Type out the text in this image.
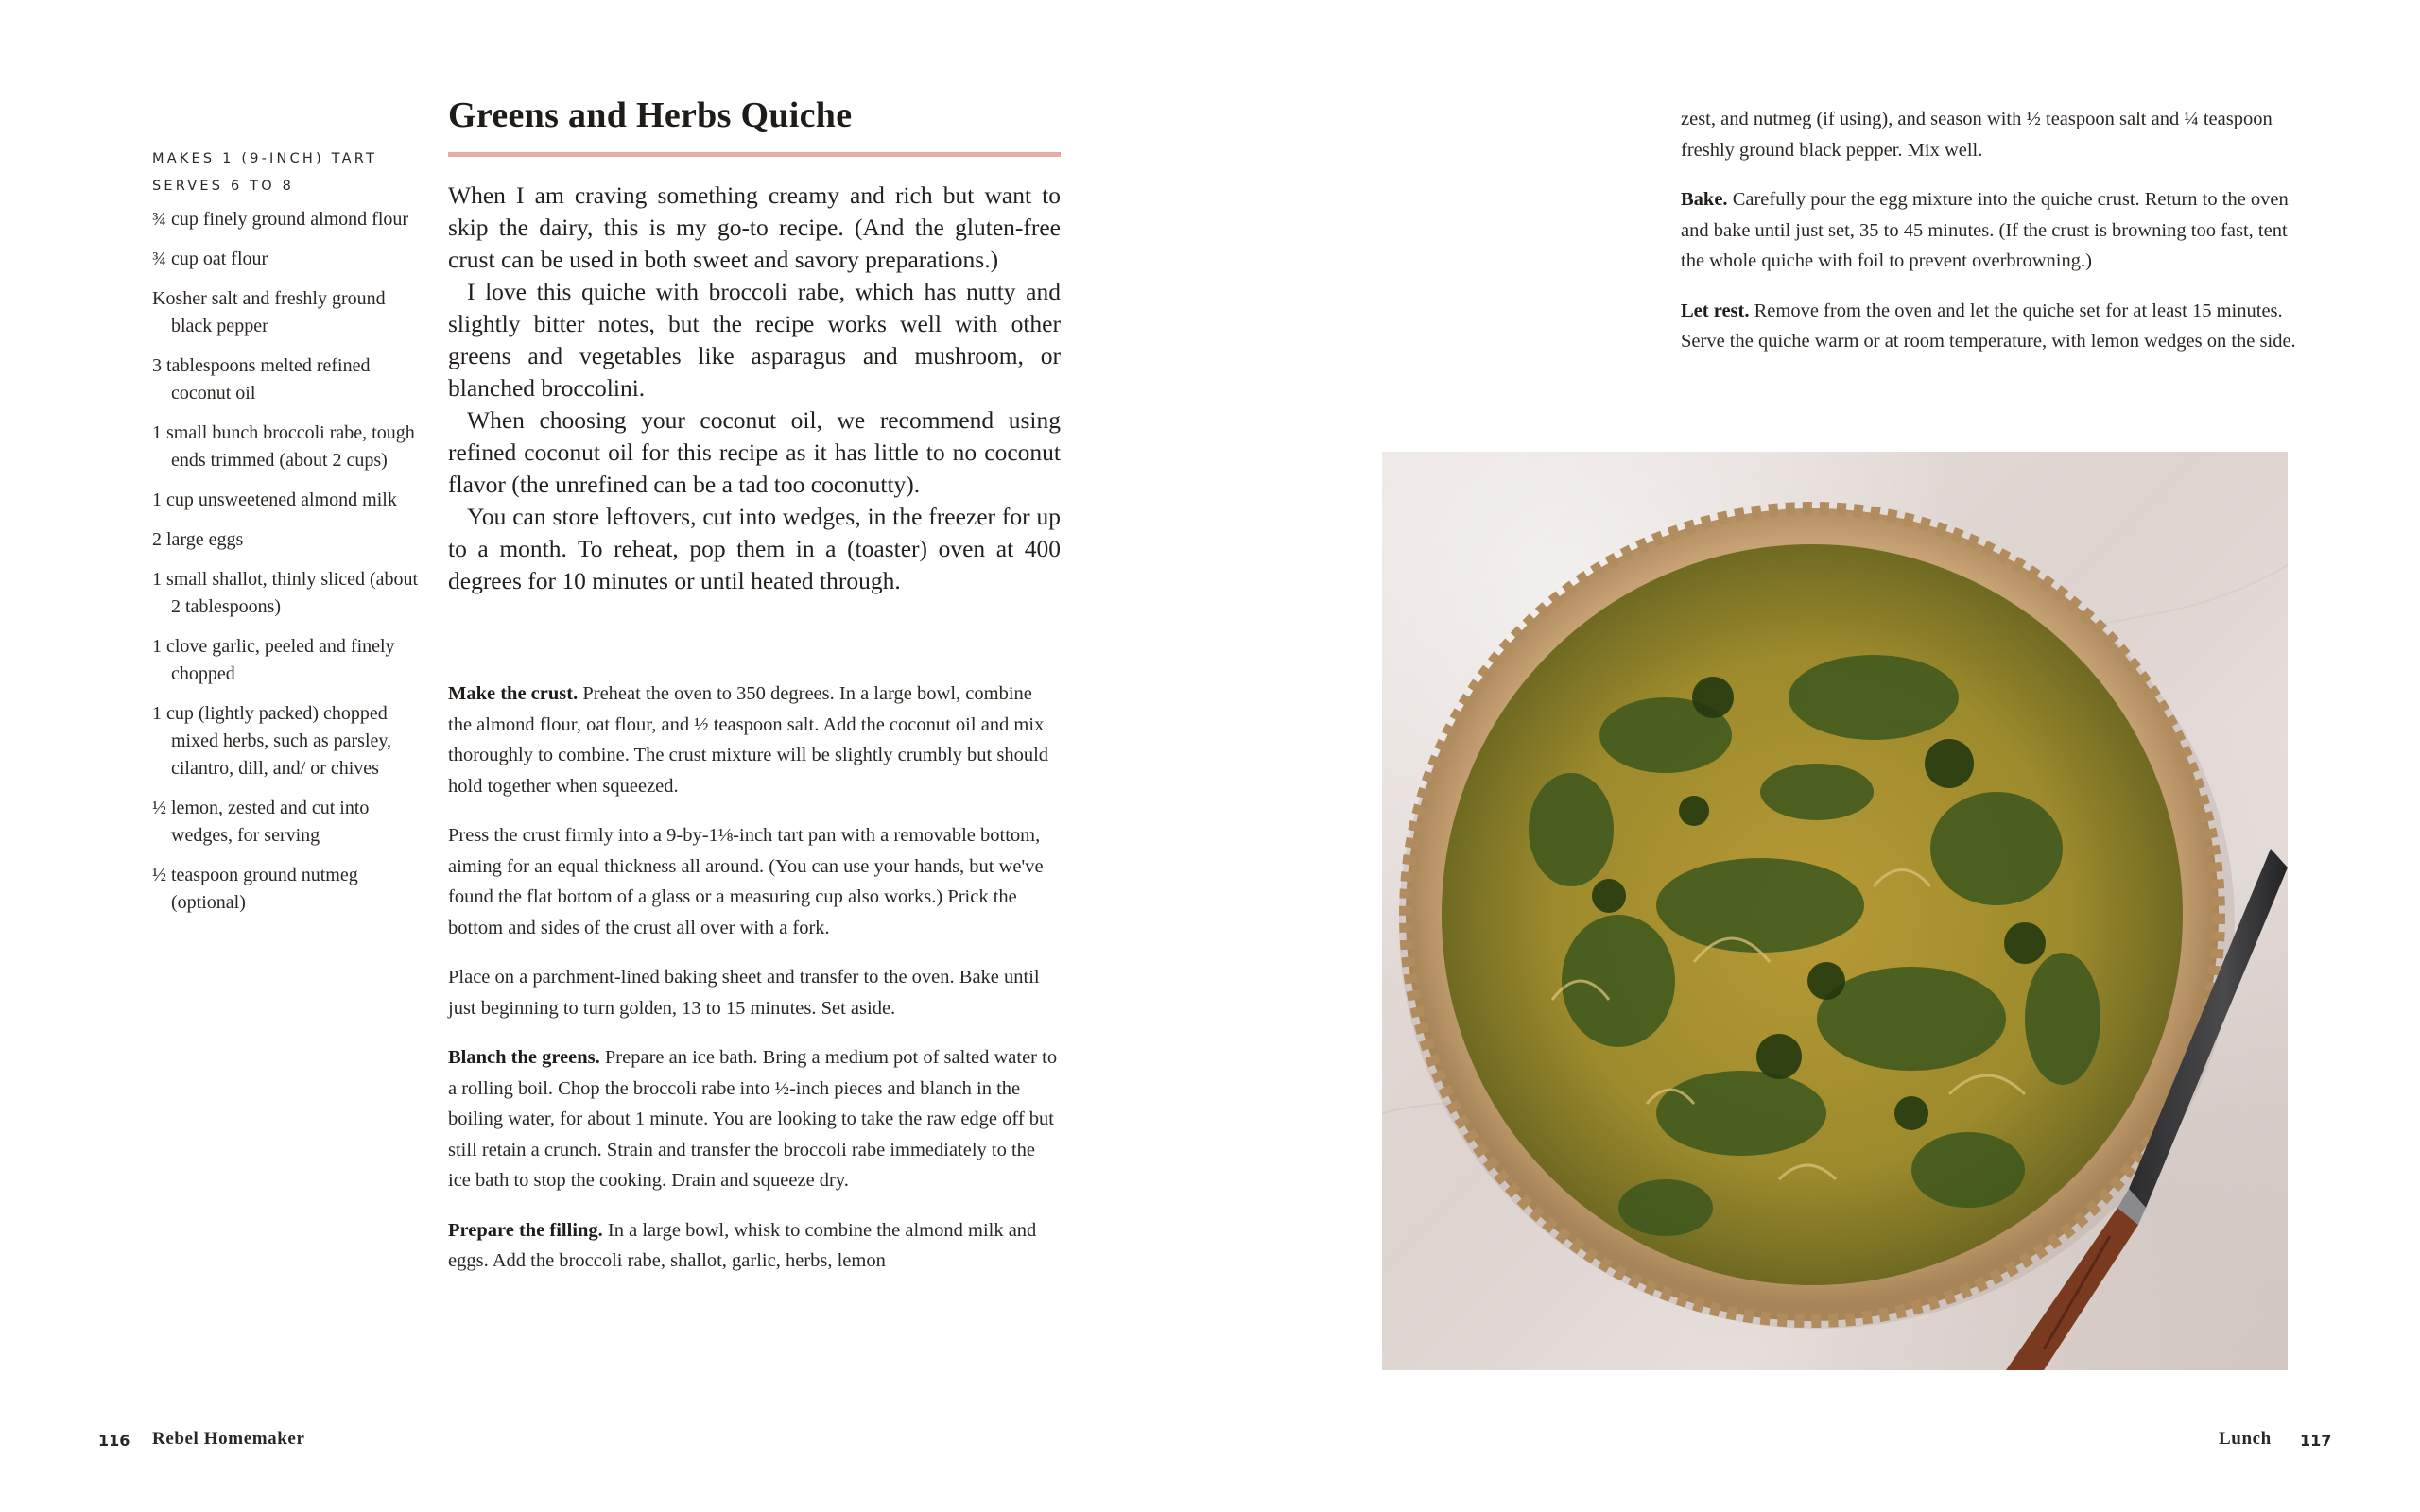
MAKES 1 (9-INCH) TART
SERVES 6 TO 8
¾ cup finely ground almond flour
¾ cup oat flour
Kosher salt and freshly ground black pepper
3 tablespoons melted refined coconut oil
1 small bunch broccoli rabe, tough ends trimmed (about 2 cups)
1 cup unsweetened almond milk
2 large eggs
1 small shallot, thinly sliced (about 2 tablespoons)
1 clove garlic, peeled and finely chopped
1 cup (lightly packed) chopped mixed herbs, such as parsley, cilantro, dill, and/ or chives
½ lemon, zested and cut into wedges, for serving
½ teaspoon ground nutmeg (optional)
Greens and Herbs Quiche

When I am craving something creamy and rich but want to skip the dairy, this is my go-to recipe. (And the gluten-free crust can be used in both sweet and savory preparations.)

I love this quiche with broccoli rabe, which has nutty and slightly bitter notes, but the recipe works well with other greens and vegetables like asparagus and mushroom, or blanched broccolini.

When choosing your coconut oil, we recommend using refined coconut oil for this recipe as it has little to no coconut flavor (the unrefined can be a tad too coconutty).

You can store leftovers, cut into wedges, in the freezer for up to a month. To reheat, pop them in a (toaster) oven at 400 degrees for 10 minutes or until heated through.

Make the crust. Preheat the oven to 350 degrees. In a large bowl, combine the almond flour, oat flour, and ½ teaspoon salt. Add the coconut oil and mix thoroughly to combine. The crust mixture will be slightly crumbly but should hold together when squeezed.

Press the crust firmly into a 9-by-1⅛-inch tart pan with a removable bottom, aiming for an equal thickness all around. (You can use your hands, but we've found the flat bottom of a glass or a measuring cup also works.) Prick the bottom and sides of the crust all over with a fork.

Place on a parchment-lined baking sheet and transfer to the oven. Bake until just beginning to turn golden, 13 to 15 minutes. Set aside.

Blanch the greens. Prepare an ice bath. Bring a medium pot of salted water to a rolling boil. Chop the broccoli rabe into ½-inch pieces and blanch in the boiling water, for about 1 minute. You are looking to take the raw edge off but still retain a crunch. Strain and transfer the broccoli rabe immediately to the ice bath to stop the cooking. Drain and squeeze dry.

Prepare the filling. In a large bowl, whisk to combine the almond milk and eggs. Add the broccoli rabe, shallot, garlic, herbs, lemon

116 Rebel Homemaker

zest, and nutmeg (if using), and season with ½ teaspoon salt and ¼ teaspoon freshly ground black pepper. Mix well.

Bake. Carefully pour the egg mixture into the quiche crust. Return to the oven and bake until just set, 35 to 45 minutes. (If the crust is browning too fast, tent the whole quiche with foil to prevent overbrowning.)

Let rest. Remove from the oven and let the quiche set for at least 15 minutes. Serve the quiche warm or at room temperature, with lemon wedges on the side.

Lunch 117
